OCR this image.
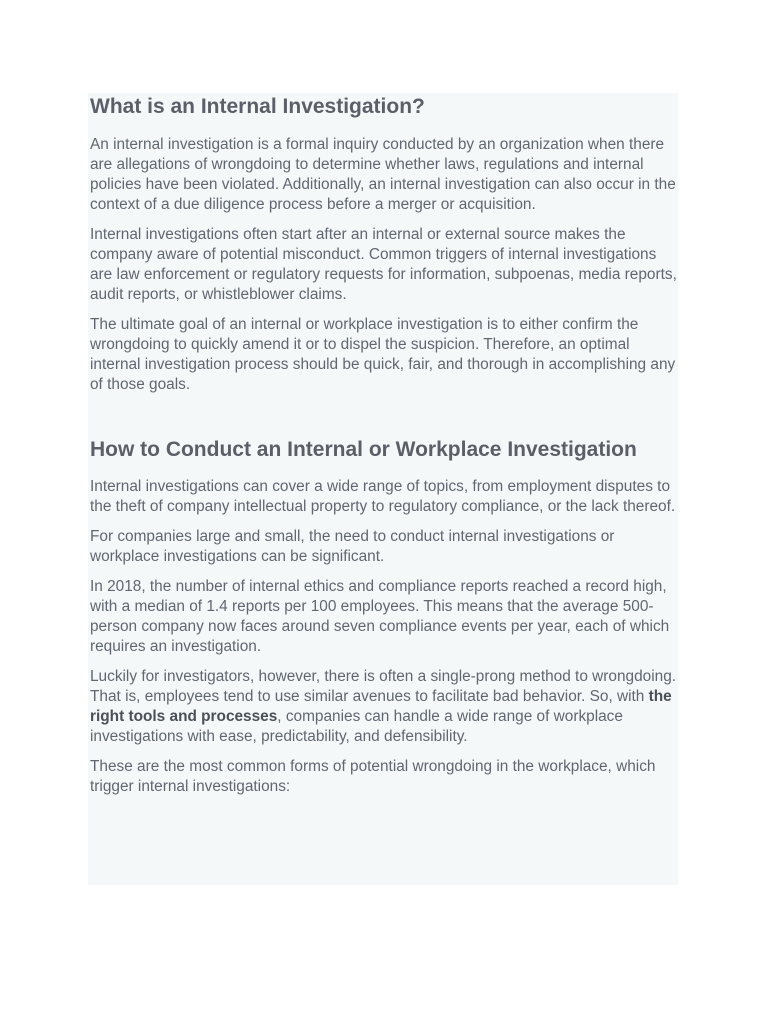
What is an Internal Investigation?

An internal investigation is a formal inquiry conducted by an organization when there are allegations of wrongdoing to determine whether laws, regulations and internal policies have been violated. Additionally, an internal investigation can also occur in the context of a due diligence process before a merger or acquisition.

Internal investigations often start after an internal or external source makes the company aware of potential misconduct. Common triggers of internal investigations are law enforcement or regulatory requests for information, subpoenas, media reports, audit reports, or whistleblower claims.

The ultimate goal of an internal or workplace investigation is to either confirm the wrongdoing to quickly amend it or to dispel the suspicion. Therefore, an optimal internal investigation process should be quick, fair, and thorough in accomplishing any of those goals.

How to Conduct an Internal or Workplace Investigation

Internal investigations can cover a wide range of topics, from employment disputes to the theft of company intellectual property to regulatory compliance, or the lack thereof.

For companies large and small, the need to conduct internal investigations or workplace investigations can be significant.

In 2018, the number of internal ethics and compliance reports reached a record high, with a median of 1.4 reports per 100 employees. This means that the average 500-person company now faces around seven compliance events per year, each of which requires an investigation.

Luckily for investigators, however, there is often a single-prong method to wrongdoing. That is, employees tend to use similar avenues to facilitate bad behavior. So, with the right tools and processes, companies can handle a wide range of workplace investigations with ease, predictability, and defensibility.

These are the most common forms of potential wrongdoing in the workplace, which trigger internal investigations:
